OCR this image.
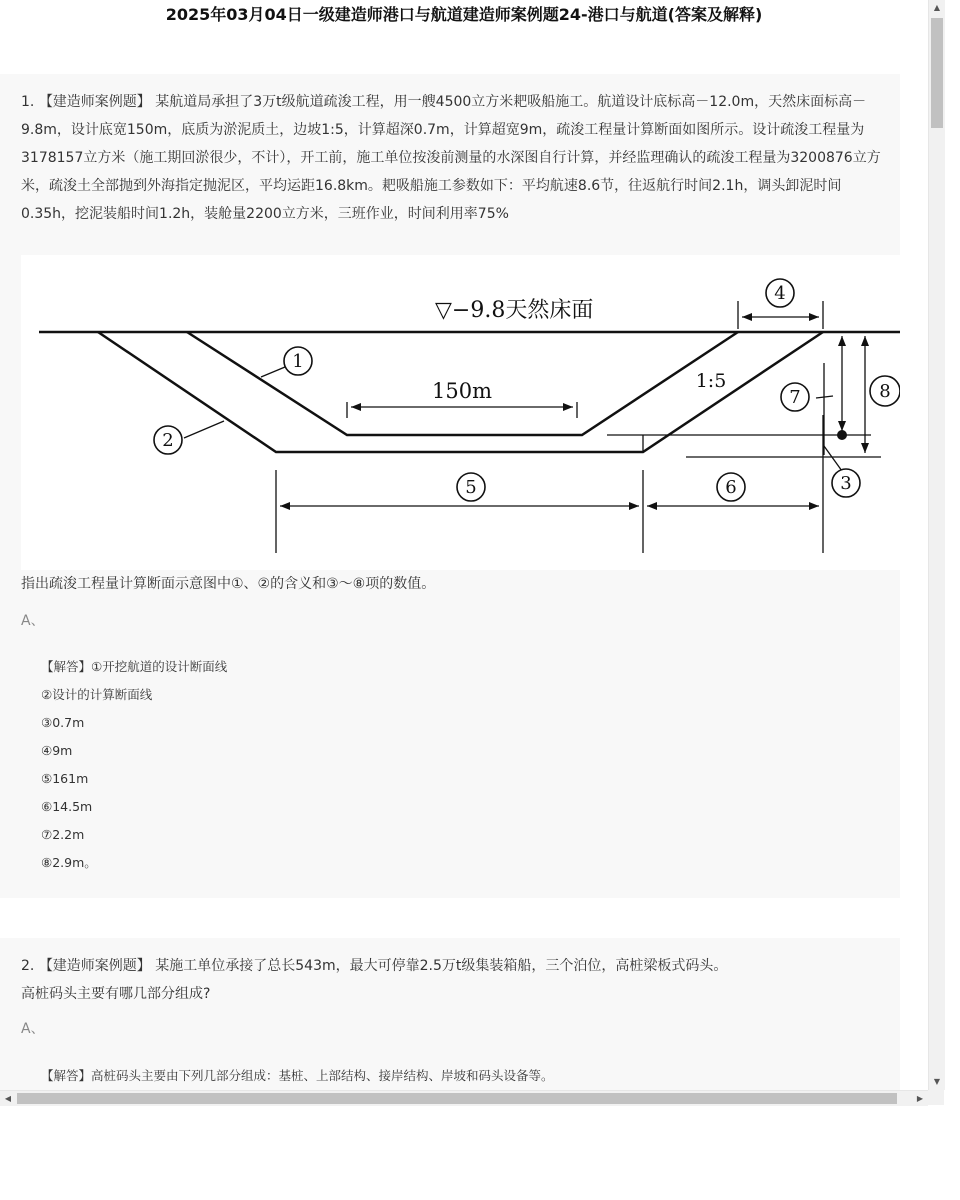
2025年03月04日一级建造师港口与航道建造师案例题24-港口与航道(答案及解释)

1. 【建造师案例题】 某航道局承担了3万t级航道疏浚工程，用一艘4500立方米耙吸船施工。航道设计底标高－12.0m，天然床面标高－9.8m，设计底宽150m，底质为淤泥质土，边坡1:5，计算超深0.7m，计算超宽9m，疏浚工程量计算断面如图所示。设计疏浚工程量为3178157立方米（施工期回淤很少，不计），开工前，施工单位按浚前测量的水深图自行计算，并经监理确认的疏浚工程量为3200876立方米，疏浚土全部抛到外海指定抛泥区，平均运距16.8km。耙吸船施工参数如下：平均航速8.6节，往返航行时间2.1h，调头卸泥时间0.35h，挖泥装船时间1.2h，装舱量2200立方米，三班作业，时间利用率75%

▽−9.8天然床面
150m	1:5
1
2
3
4
5	6
7	8
指出疏浚工程量计算断面示意图中①、②的含义和③～⑧项的数值。
A、
【解答】①开挖航道的设计断面线
②设计的计算断面线
③0.7m
④9m
⑤161m
⑥14.5m
⑦2.2m
⑧2.9m。

2. 【建造师案例题】 某施工单位承接了总长543m，最大可停靠2.5万t级集装箱船，三个泊位，高桩梁板式码头。
高桩码头主要有哪几部分组成?

A、
【解答】高桩码头主要由下列几部分组成：基桩、上部结构、接岸结构、岸坡和码头设备等。
▲
▼
◀	▶
